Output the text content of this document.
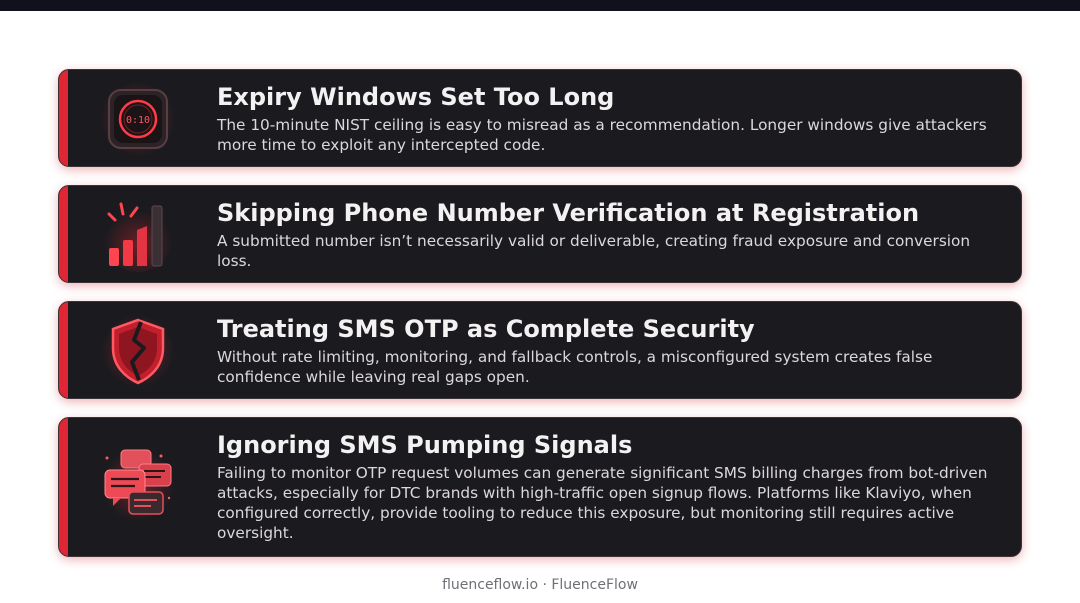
0:10
Expiry Windows Set Too Long
The 10-minute NIST ceiling is easy to misread as a recommendation. Longer windows give attackers more time to exploit any intercepted code.
Skipping Phone Number Verification at Registration
A submitted number isn’t necessarily valid or deliverable, creating fraud exposure and conversion loss.
Treating SMS OTP as Complete Security
Without rate limiting, monitoring, and fallback controls, a misconfigured system creates false confidence while leaving real gaps open.
Ignoring SMS Pumping Signals
Failing to monitor OTP request volumes can generate significant SMS billing charges from bot-driven attacks, especially for DTC brands with high-traffic open signup flows. Platforms like Klaviyo, when configured correctly, provide tooling to reduce this exposure, but monitoring still requires active oversight.
fluenceflow.io · FluenceFlow
